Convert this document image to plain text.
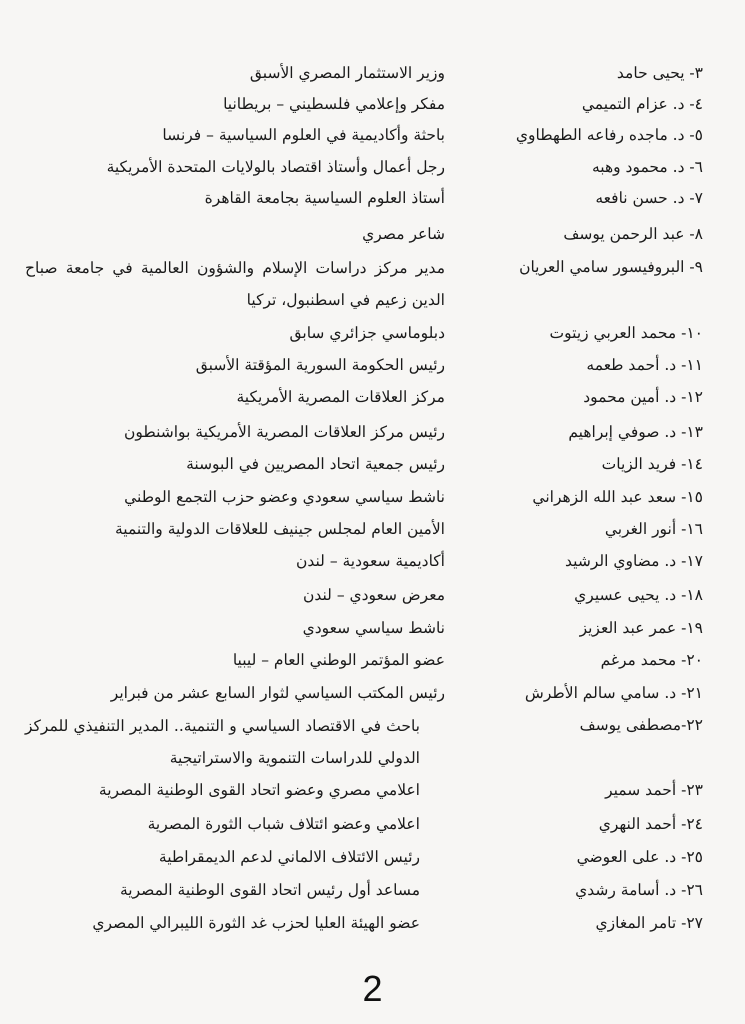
٣- يحيى حامد
وزير الاستثمار المصري الأسبق
٤- د. عزام التميمي
مفكر وإعلامي فلسطيني – بريطانيا
٥- د. ماجده رفاعه الطهطاوي
باحثة وأكاديمية في العلوم السياسية – فرنسا
٦- د. محمود وهبه
رجل أعمال وأستاذ اقتصاد بالولايات المتحدة الأمريكية
٧- د. حسن نافعه
أستاذ العلوم السياسية بجامعة القاهرة
٨- عبد الرحمن يوسف
شاعر مصري
٩- البروفيسور سامي العريان
مدير مركز دراسات الإسلام والشؤون العالمية في جامعة صباح الدين زعيم في اسطنبول، تركيا
١٠- محمد العربي زيتوت
دبلوماسي جزائري سابق
١١- د. أحمد طعمه
رئيس الحكومة السورية المؤقتة الأسبق
١٢- د. أمين محمود
مركز العلاقات المصرية الأمريكية
١٣- د. صوفي إبراهيم
رئيس مركز العلاقات المصرية الأمريكية بواشنطون
١٤- فريد الزيات
رئيس جمعية اتحاد المصريين في البوسنة
١٥- سعد عبد الله الزهراني
ناشط سياسي سعودي وعضو حزب التجمع الوطني
١٦- أنور الغربي
الأمين العام لمجلس جينيف للعلاقات الدولية والتنمية
١٧- د. مضاوي الرشيد
أكاديمية سعودية – لندن
١٨- د. يحيى عسيري
معرض سعودي – لندن
١٩- عمر عبد العزيز
ناشط سياسي سعودي
٢٠- محمد مرغم
عضو المؤتمر الوطني العام – ليبيا
٢١- د. سامي سالم الأطرش
رئيس المكتب السياسي لثوار السابع عشر من فبراير
٢٢-مصطفى يوسف
باحث في الاقتصاد السياسي و التنمية.. المدير التنفيذي للمركز الدولي للدراسات التنموية والاستراتيجية
٢٣- أحمد سمير
اعلامي مصري وعضو اتحاد القوى الوطنية المصرية
٢٤- أحمد النهري
اعلامي وعضو ائتلاف شباب الثورة المصرية
٢٥- د. على العوضي
رئيس الائتلاف الالماني لدعم الديمقراطية
٢٦- د. أسامة رشدي
مساعد أول رئيس اتحاد القوى الوطنية المصرية
٢٧- تامر المغازي
عضو الهيئة العليا لحزب غد الثورة الليبرالي المصري
2
